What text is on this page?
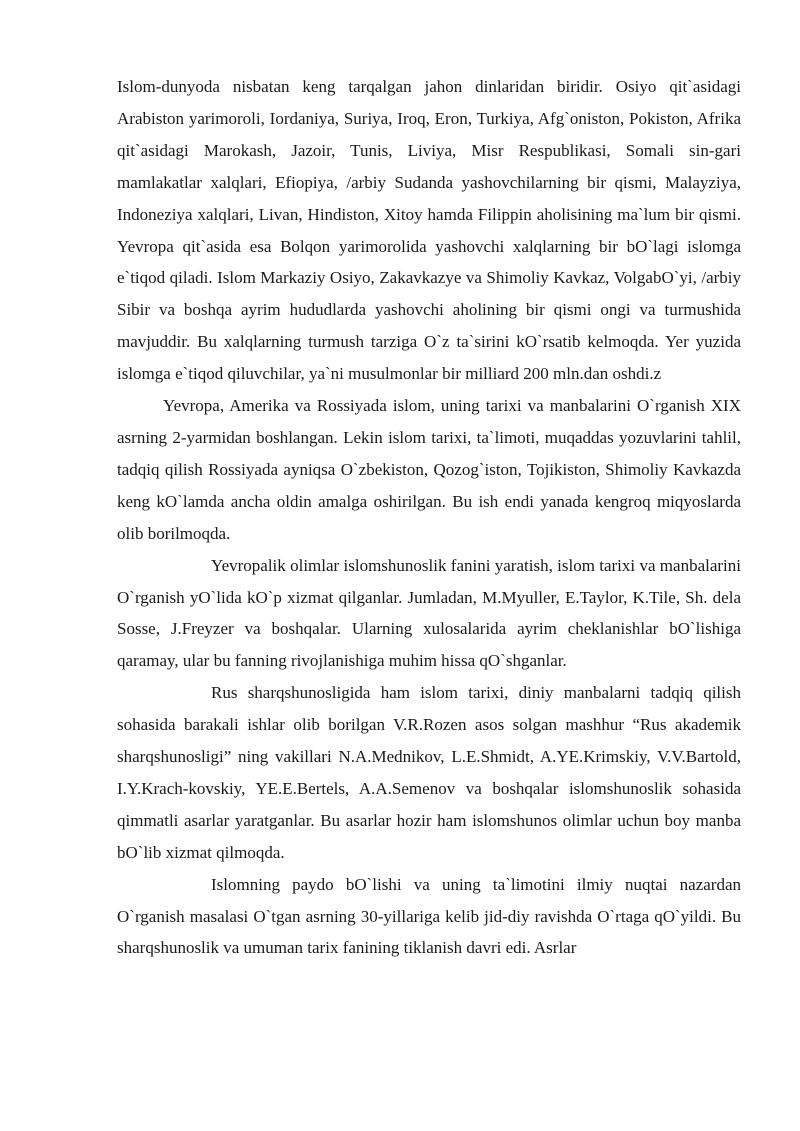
Islom-dunyoda nisbatan keng tarqalgan jahon dinlaridan biridir. Osiyo qit`asidagi Arabiston yarimoroli, Iordaniya, Suriya, Iroq, Eron, Turkiya, Afg`oniston, Pokiston, Afrika qit`asidagi Marokash, Jazoir, Tunis, Liviya, Misr Respublikasi, Somali sin-gari mamlakatlar xalqlari, Efiopiya, /arbiy Sudanda yashovchilarning bir qismi, Malayziya, Indoneziya xalqlari, Livan, Hindiston, Xitoy hamda Filippin aholisining ma`lum bir qismi. Yevropa qit`asida esa Bolqon yarimorolida yashovchi xalqlarning bir bO`lagi islomga e`tiqod qiladi. Islom Markaziy Osiyo, Zakavkazye va Shimoliy Kavkaz, VolgabO`yi, /arbiy Sibir va boshqa ayrim hududlarda yashovchi aholining bir qismi ongi va turmushida mavjuddir. Bu xalqlarning turmush tarziga O`z ta`sirini kO`rsatib kelmoqda. Yer yuzida islomga e`tiqod qiluvchilar, ya`ni musulmonlar bir milliard 200 mln.dan oshdi.z

Yevropa, Amerika va Rossiyada islom, uning tarixi va manbalarini O`rganish XIX asrning 2-yarmidan boshlangan. Lekin islom tarixi, ta`limoti, muqaddas yozuvlarini tahlil, tadqiq qilish Rossiyada ayniqsa O`zbekiston, Qozog`iston, Tojikiston, Shimoliy Kavkazda keng kO`lamda ancha oldin amalga oshirilgan. Bu ish endi yanada kengroq miqyoslarda olib borilmoqda.

Yevropalik olimlar islomshunoslik fanini yaratish, islom tarixi va manbalarini O`rganish yO`lida kO`p xizmat qilganlar. Jumladan, M.Myuller, E.Taylor, K.Tile, Sh. dela Sosse, J.Freyzer va boshqalar. Ularning xulosalarida ayrim cheklanishlar bO`lishiga qaramay, ular bu fanning rivojlanishiga muhim hissa qO`shganlar.

Rus sharqshunosligida ham islom tarixi, diniy manbalarni tadqiq qilish sohasida barakali ishlar olib borilgan V.R.Rozen asos solgan mashhur “Rus akademik sharqshunosligi” ning vakillari N.A.Mednikov, L.E.Shmidt, A.YE.Krimskiy, V.V.Bartold, I.Y.Krach-kovskiy, YE.E.Bertels, A.A.Semenov va boshqalar islomshunoslik sohasida qimmatli asarlar yaratganlar. Bu asarlar hozir ham islomshunos olimlar uchun boy manba bO`lib xizmat qilmoqda.

Islomning paydo bO`lishi va uning ta`limotini ilmiy nuqtai nazardan O`rganish masalasi O`tgan asrning 30-yillariga kelib jid-diy ravishda O`rtaga qO`yildi. Bu sharqshunoslik va umuman tarix fanining tiklanish davri edi. Asrlar
